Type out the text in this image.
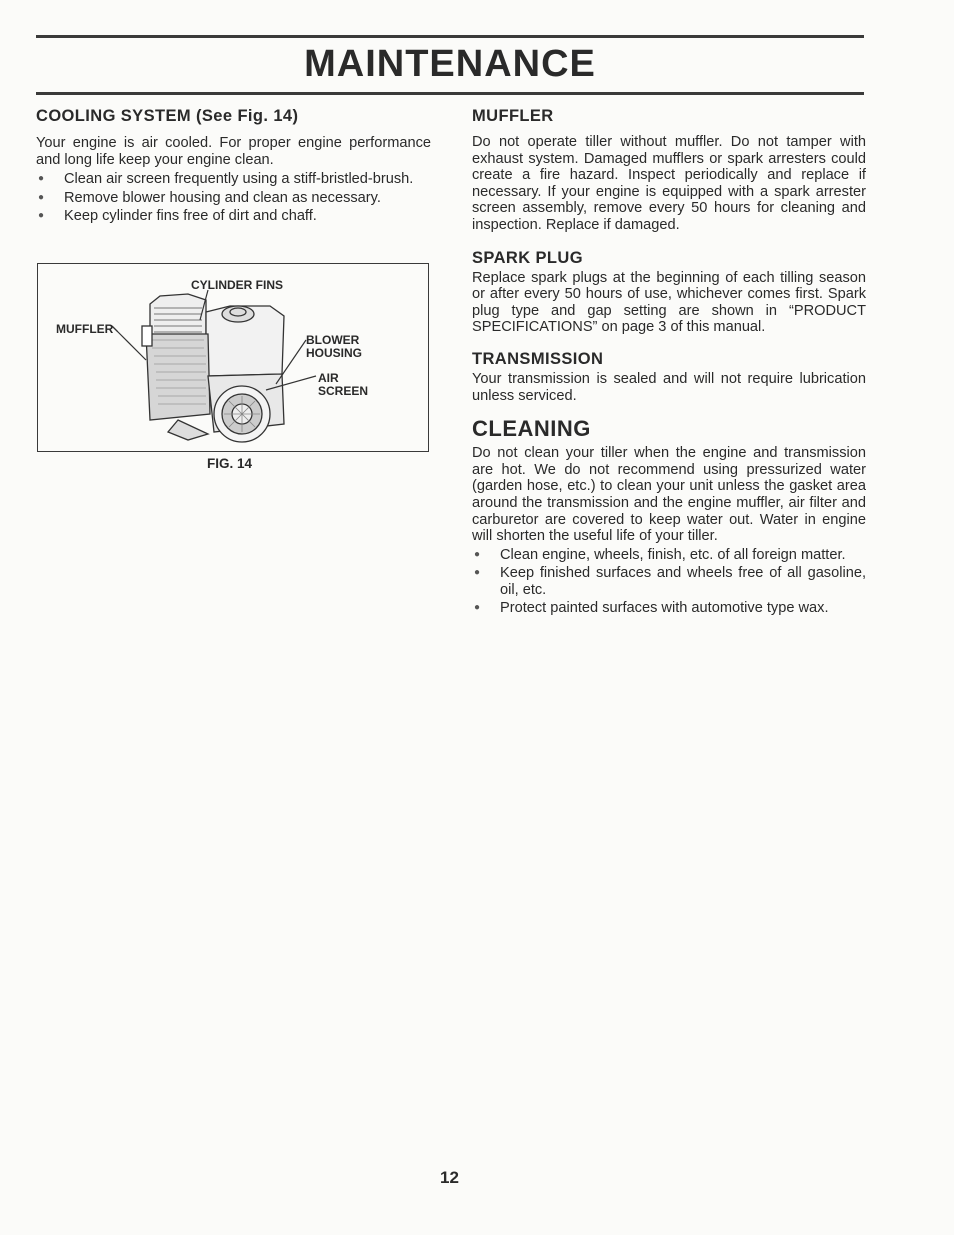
MAINTENANCE
COOLING SYSTEM (See Fig. 14)

Your engine is air cooled. For proper engine performance and long life keep your engine clean.

● Clean air screen frequently using a stiff-bristled-brush.
● Remove blower housing and clean as necessary.
● Keep cylinder fins free of dirt and chaff.
CYLINDER FINS
MUFFLER
BLOWER
HOUSING
AIR
SCREEN
FIG. 14
MUFFLER

Do not operate tiller without muffler. Do not tamper with exhaust system. Damaged mufflers or spark arresters could create a fire hazard. Inspect periodically and replace if necessary. If your engine is equipped with a spark arrester screen assembly, remove every 50 hours for cleaning and inspection. Replace if damaged.

SPARK PLUG

Replace spark plugs at the beginning of each tilling season or after every 50 hours of use, whichever comes first. Spark plug type and gap setting are shown in “PRODUCT SPECIFICATIONS” on page 3 of this manual.

TRANSMISSION

Your transmission is sealed and will not require lubrication unless serviced.

CLEANING

Do not clean your tiller when the engine and transmission are hot. We do not recommend using pressurized water (garden hose, etc.) to clean your unit unless the gasket area around the transmission and the engine muffler, air filter and carburetor are covered to keep water out. Water in engine will shorten the useful life of your tiller.

● Clean engine, wheels, finish, etc. of all foreign matter.
● Keep finished surfaces and wheels free of all gasoline, oil, etc.
● Protect painted surfaces with automotive type wax.
12
